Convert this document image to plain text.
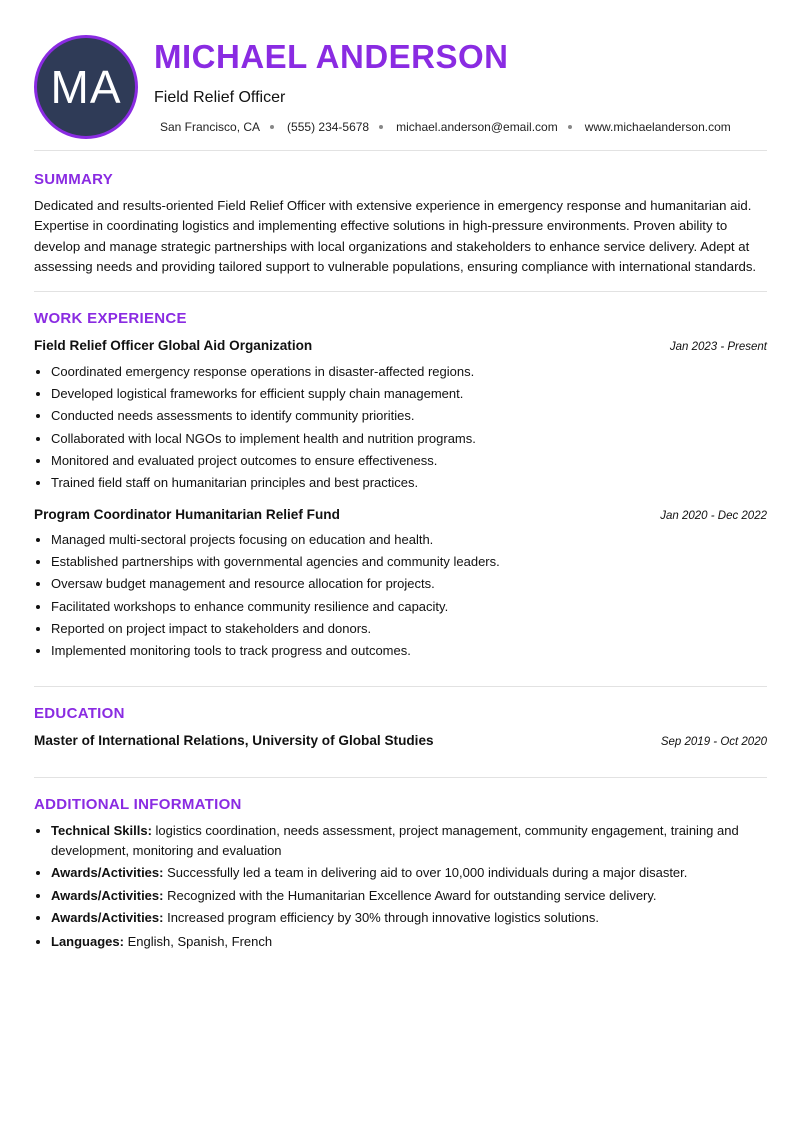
MA
MICHAEL ANDERSON
Field Relief Officer
San Francisco, CA (555) 234-5678 michael.anderson@email.com www.michaelanderson.com
SUMMARY
Dedicated and results-oriented Field Relief Officer with extensive experience in emergency response and humanitarian aid. Expertise in coordinating logistics and implementing effective solutions in high-pressure environments. Proven ability to develop and manage strategic partnerships with local organizations and stakeholders to enhance service delivery. Adept at assessing needs and providing tailored support to vulnerable populations, ensuring compliance with international standards.
WORK EXPERIENCE
Field Relief Officer Global Aid Organization	Jan 2023 - Present
• Coordinated emergency response operations in disaster-affected regions.
• Developed logistical frameworks for efficient supply chain management.
• Conducted needs assessments to identify community priorities.
• Collaborated with local NGOs to implement health and nutrition programs.
• Monitored and evaluated project outcomes to ensure effectiveness.
• Trained field staff on humanitarian principles and best practices.
Program Coordinator Humanitarian Relief Fund	Jan 2020 - Dec 2022
• Managed multi-sectoral projects focusing on education and health.
• Established partnerships with governmental agencies and community leaders.
• Oversaw budget management and resource allocation for projects.
• Facilitated workshops to enhance community resilience and capacity.
• Reported on project impact to stakeholders and donors.
• Implemented monitoring tools to track progress and outcomes.
EDUCATION
Master of International Relations, University of Global Studies	Sep 2019 - Oct 2020
ADDITIONAL INFORMATION
• Technical Skills: logistics coordination, needs assessment, project management, community engagement, training and development, monitoring and evaluation
• Awards/Activities: Successfully led a team in delivering aid to over 10,000 individuals during a major disaster.
• Awards/Activities: Recognized with the Humanitarian Excellence Award for outstanding service delivery.
• Awards/Activities: Increased program efficiency by 30% through innovative logistics solutions.
• Languages: English, Spanish, French
